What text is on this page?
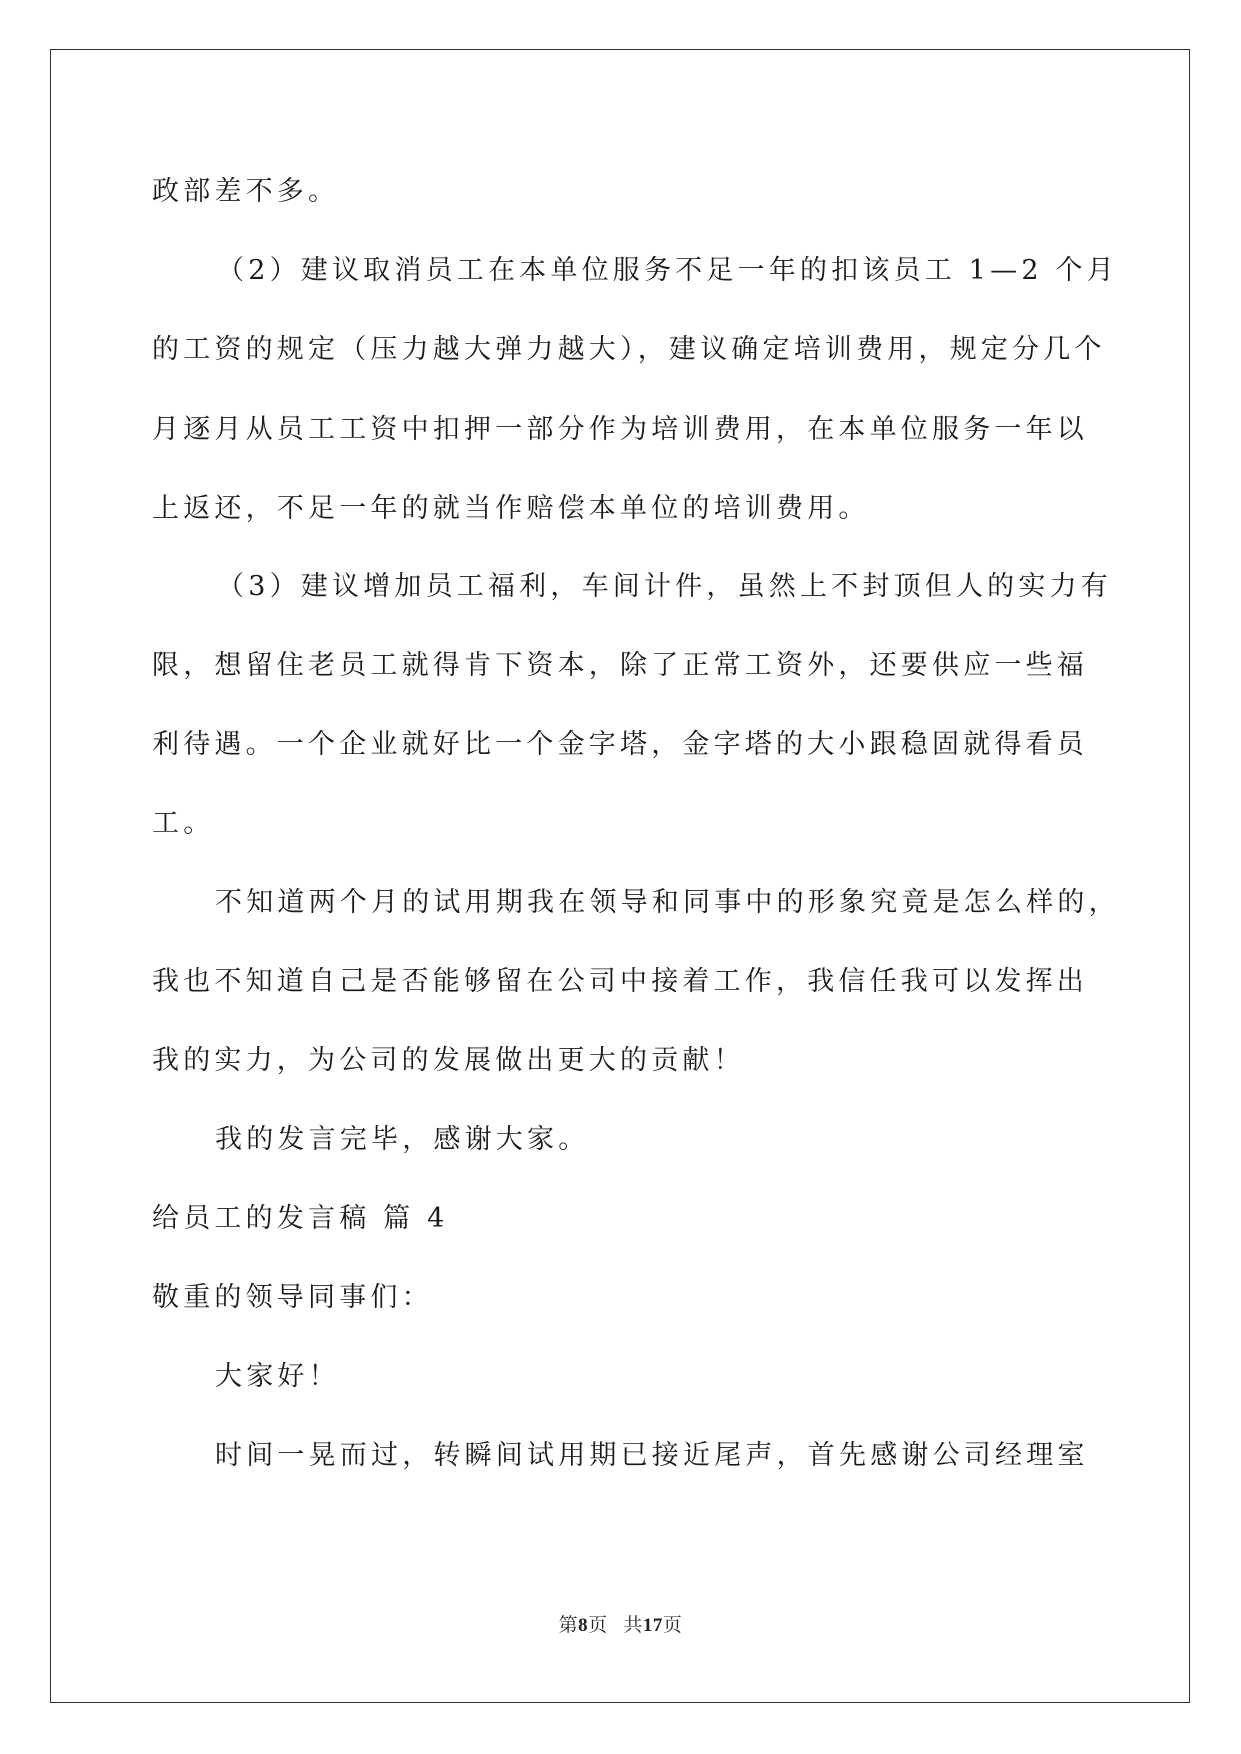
政部差不多。
（2）建议取消员工在本单位服务不足一年的扣该员工 1—2 个月
的工资的规定（压力越大弹力越大），建议确定培训费用，规定分几个
月逐月从员工工资中扣押一部分作为培训费用，在本单位服务一年以
上返还，不足一年的就当作赔偿本单位的培训费用。
（3）建议增加员工福利，车间计件，虽然上不封顶但人的实力有
限，想留住老员工就得肯下资本，除了正常工资外，还要供应一些福
利待遇。一个企业就好比一个金字塔，金字塔的大小跟稳固就得看员
工。
不知道两个月的试用期我在领导和同事中的形象究竟是怎么样的，
我也不知道自己是否能够留在公司中接着工作，我信任我可以发挥出
我的实力，为公司的发展做出更大的贡献！
我的发言完毕，感谢大家。
给员工的发言稿 篇 4
敬重的领导同事们：
大家好！
时间一晃而过，转瞬间试用期已接近尾声，首先感谢公司经理室
第8页 共17页
